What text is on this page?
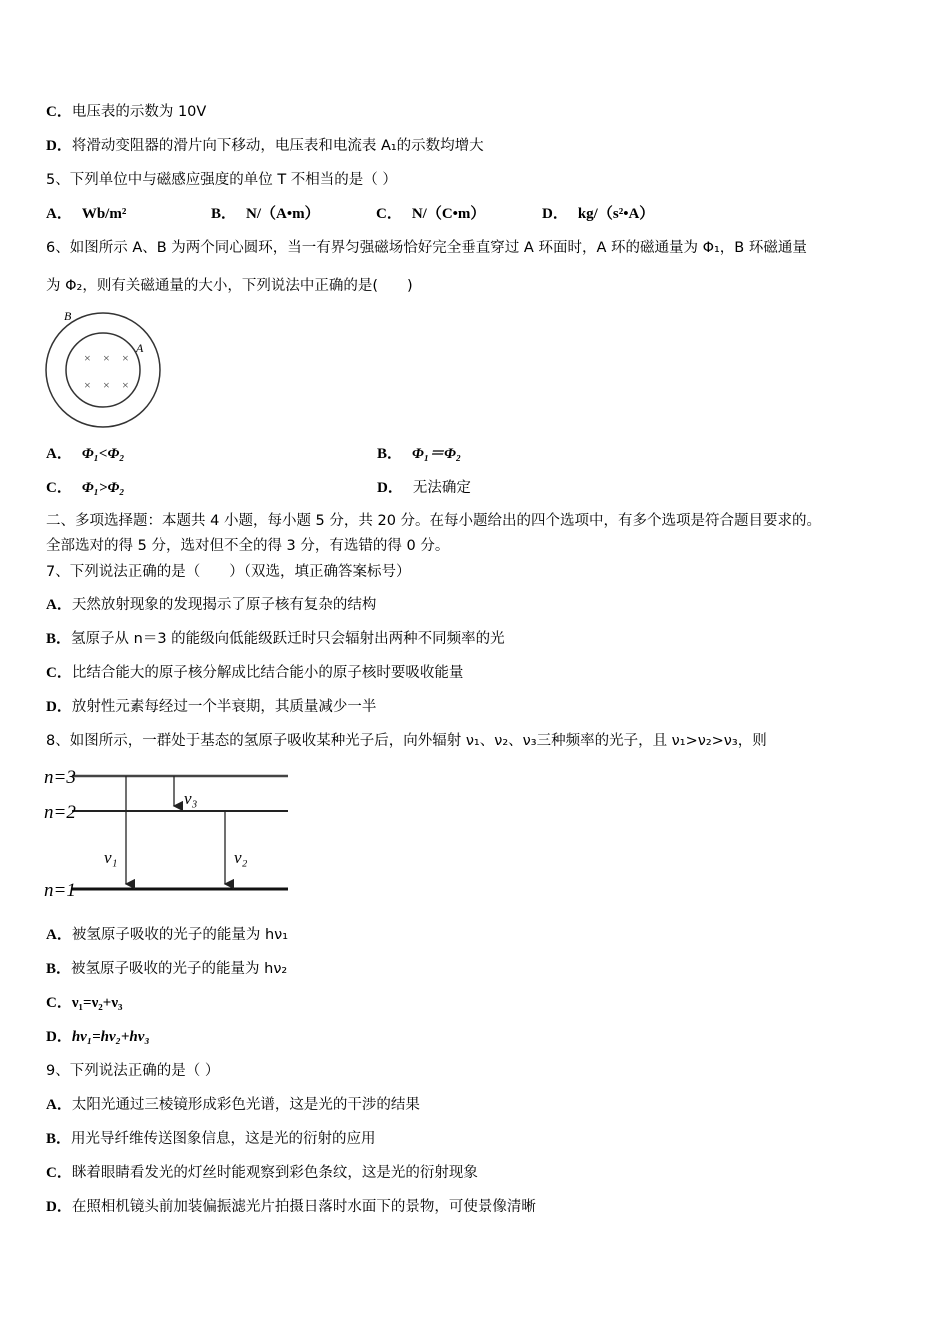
C．电压表的示数为 10V
D．将滑动变阻器的滑片向下移动，电压表和电流表 A₁的示数均增大
5、下列单位中与磁感应强度的单位 T 不相当的是（ ）
A． Wb/m²	B． N/（A•m）	C． N/（C•m）	D． kg/（s²•A）
6、如图所示 A、B 为两个同心圆环，当一有界匀强磁场恰好完全垂直穿过 A 环面时，A 环的磁通量为 Φ₁，B 环磁通量
为 Φ₂，则有关磁通量的大小，下列说法中正确的是(　　)
B
A
× × ×
× × ×
A． Φ₁<Φ₂	B． Φ₁＝Φ₂
C． Φ₁>Φ₂	D． 无法确定
二、多项选择题：本题共 4 小题，每小题 5 分，共 20 分。在每小题给出的四个选项中，有多个选项是符合题目要求的。
全部选对的得 5 分，选对但不全的得 3 分，有选错的得 0 分。
7、下列说法正确的是（　　）（双选，填正确答案标号）
A．天然放射现象的发现揭示了原子核有复杂的结构
B．氢原子从 n＝3 的能级向低能级跃迁时只会辐射出两种不同频率的光
C．比结合能大的原子核分解成比结合能小的原子核时要吸收能量
D．放射性元素每经过一个半衰期，其质量减少一半
8、如图所示，一群处于基态的氢原子吸收某种光子后，向外辐射 ν₁、ν₂、ν₃三种频率的光子，且 ν₁>ν₂>ν₃，则
n=3
n=2
n=1
ν₁	ν₂
ν₃
A．被氢原子吸收的光子的能量为 hν₁
B．被氢原子吸收的光子的能量为 hν₂
C．ν₁=ν₂+ν₃
D．hν₁=hν₂+hν₃
9、下列说法正确的是（ ）
A．太阳光通过三棱镜形成彩色光谱，这是光的干涉的结果
B．用光导纤维传送图象信息，这是光的衍射的应用
C．眯着眼睛看发光的灯丝时能观察到彩色条纹，这是光的衍射现象
D．在照相机镜头前加装偏振滤光片拍摄日落时水面下的景物，可使景像清晰
